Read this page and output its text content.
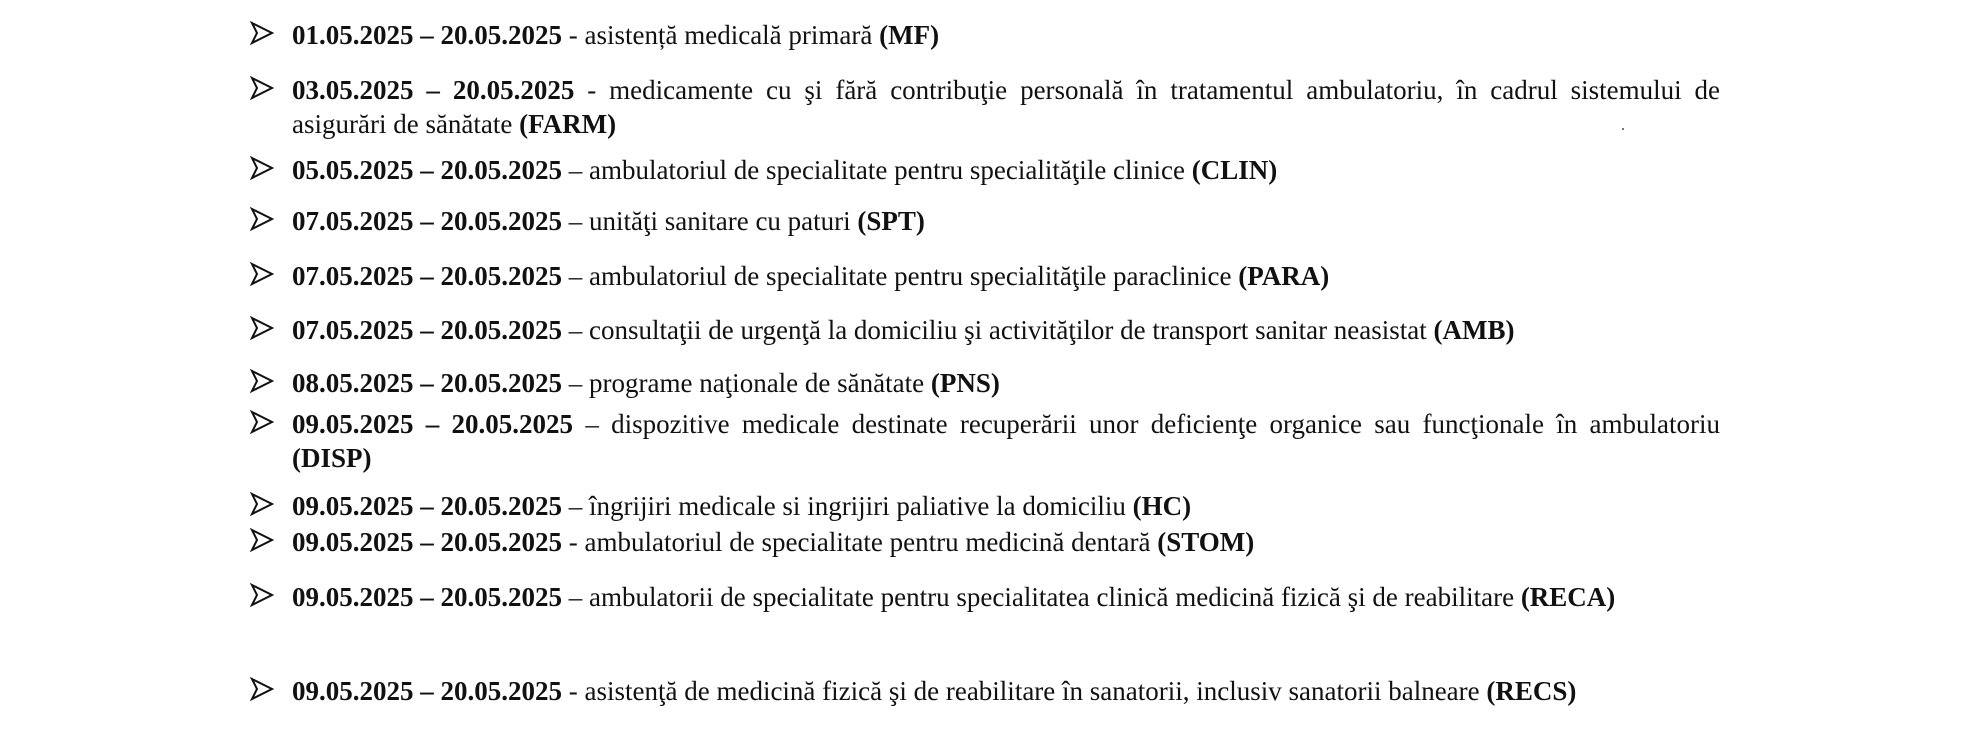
01.05.2025 – 20.05.2025 - asistență medicală primară (MF)
03.05.2025 – 20.05.2025 - medicamente cu şi fără contribuţie personală în tratamentul ambulatoriu, în cadrul sistemului de asigurări de sănătate (FARM)
05.05.2025 – 20.05.2025 – ambulatoriul de specialitate pentru specialităţile clinice (CLIN)
07.05.2025 – 20.05.2025 – unităţi sanitare cu paturi (SPT)
07.05.2025 – 20.05.2025 – ambulatoriul de specialitate pentru specialităţile paraclinice (PARA)
07.05.2025 – 20.05.2025 – consultaţii de urgenţă la domiciliu şi activităţilor de transport sanitar neasistat (AMB)
08.05.2025 – 20.05.2025 – programe naţionale de sănătate (PNS)
09.05.2025 – 20.05.2025 – dispozitive medicale destinate recuperării unor deficienţe organice sau funcţionale în ambulatoriu (DISP)
09.05.2025 – 20.05.2025 – îngrijiri medicale si ingrijiri paliative la domiciliu (HC)
09.05.2025 – 20.05.2025 - ambulatoriul de specialitate pentru medicină dentară (STOM)
09.05.2025 – 20.05.2025 – ambulatorii de specialitate pentru specialitatea clinică medicină fizică şi de reabilitare (RECA)
09.05.2025 – 20.05.2025 - asistenţă de medicină fizică şi de reabilitare în sanatorii, inclusiv sanatorii balneare (RECS)
